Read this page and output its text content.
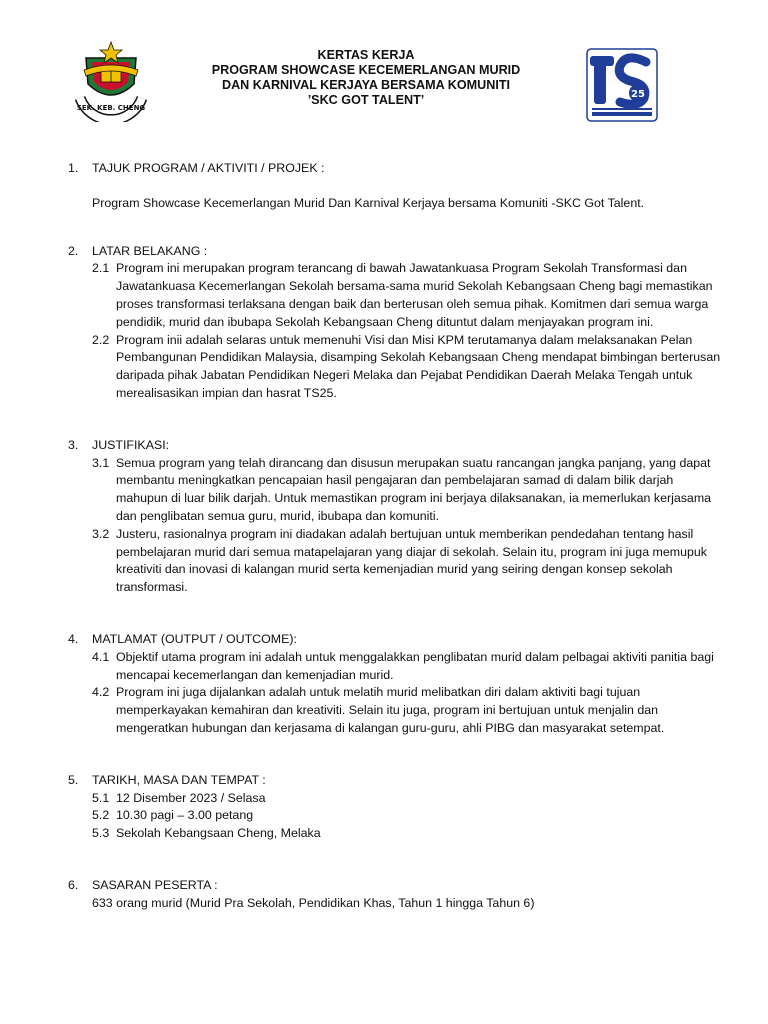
SEK. KEB. CHENG
KERTAS KERJA
PROGRAM SHOWCASE KECEMERLANGAN MURID
DAN KARNIVAL KERJAYA BERSAMA KOMUNITI
’SKC GOT TALENT’	25
1. TAJUK PROGRAM / AKTIVITI / PROJEK :
Program Showcase Kecemerlangan Murid Dan Karnival Kerjaya bersama Komuniti -SKC Got Talent.
2. LATAR BELAKANG :
2.1 Program ini merupakan program terancang di bawah Jawatankuasa Program Sekolah Transformasi dan Jawatankuasa Kecemerlangan Sekolah bersama-sama murid Sekolah Kebangsaan Cheng bagi memastikan proses transformasi terlaksana dengan baik dan berterusan oleh semua pihak. Komitmen dari semua warga pendidik, murid dan ibubapa Sekolah Kebangsaan Cheng dituntut dalam menjayakan program ini.
2.2 Program inii adalah selaras untuk memenuhi Visi dan Misi KPM terutamanya dalam melaksanakan Pelan Pembangunan Pendidikan Malaysia, disamping Sekolah Kebangsaan Cheng mendapat bimbingan berterusan daripada pihak Jabatan Pendidikan Negeri Melaka dan Pejabat Pendidikan Daerah Melaka Tengah untuk merealisasikan impian dan hasrat TS25.
3. JUSTIFIKASI:
3.1 Semua program yang telah dirancang dan disusun merupakan suatu rancangan jangka panjang, yang dapat membantu meningkatkan pencapaian hasil pengajaran dan pembelajaran samad di dalam bilik darjah mahupun di luar bilik darjah. Untuk memastikan program ini berjaya dilaksanakan, ia memerlukan kerjasama dan penglibatan semua guru, murid, ibubapa dan komuniti.
3.2 Justeru, rasionalnya program ini diadakan adalah bertujuan untuk memberikan pendedahan tentang hasil pembelajaran murid dari semua matapelajaran yang diajar di sekolah. Selain itu, program ini juga memupuk kreativiti dan inovasi di kalangan murid serta kemenjadian murid yang seiring dengan konsep sekolah transformasi.
4. MATLAMAT (OUTPUT / OUTCOME):
4.1 Objektif utama program ini adalah untuk menggalakkan penglibatan murid dalam pelbagai aktiviti panitia bagi mencapai kecemerlangan dan kemenjadian murid.
4.2 Program ini juga dijalankan adalah untuk melatih murid melibatkan diri dalam aktiviti bagi tujuan memperkayakan kemahiran dan kreativiti. Selain itu juga, program ini bertujuan untuk menjalin dan mengeratkan hubungan dan kerjasama di kalangan guru-guru, ahli PIBG dan masyarakat setempat.
5. TARIKH, MASA DAN TEMPAT :
5.1 12 Disember 2023 / Selasa
5.2 10.30 pagi – 3.00 petang
5.3 Sekolah Kebangsaan Cheng, Melaka
6. SASARAN PESERTA :
633 orang murid (Murid Pra Sekolah, Pendidikan Khas, Tahun 1 hingga Tahun 6)
